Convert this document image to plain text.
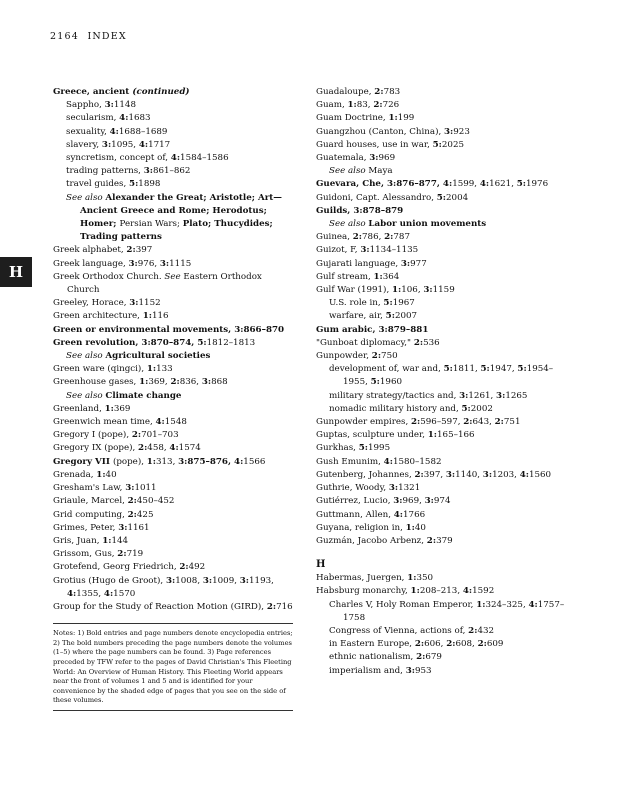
2164 INDEX
H
Greece, ancient (continued)
Sappho, 3:1148
secularism, 4:1683
sexuality, 4:1688–1689
slavery, 3:1095, 4:1717
syncretism, concept of, 4:1584–1586
trading patterns, 3:861–862
travel guides, 5:1898
See also Alexander the Great; Aristotle; Art—Ancient Greece and Rome; Herodotus; Homer; Persian Wars; Plato; Thucydides; Trading patterns
Greek alphabet, 2:397
Greek language, 3:976, 3:1115
Greek Orthodox Church. See Eastern Orthodox Church
Greeley, Horace, 3:1152
Green architecture, 1:116
Green or environmental movements, 3:866–870
Green revolution, 3:870–874, 5:1812–1813
See also Agricultural societies
Green ware (qingci), 1:133
Greenhouse gases, 1:369, 2:836, 3:868
See also Climate change
Greenland, 1:369
Greenwich mean time, 4:1548
Gregory I (pope), 2:701–703
Gregory IX (pope), 2:458, 4:1574
Gregory VII (pope), 1:313, 3:875–876, 4:1566
Grenada, 1:40
Gresham's Law, 3:1011
Griaule, Marcel, 2:450–452
Grid computing, 2:425
Grimes, Peter, 3:1161
Gris, Juan, 1:144
Grissom, Gus, 2:719
Grotefend, Georg Friedrich, 2:492
Grotius (Hugo de Groot), 3:1008, 3:1009, 3:1193, 4:1355, 4:1570
Group for the Study of Reaction Motion (GIRD), 2:716
Notes: 1) Bold entries and page numbers denote encyclopedia entries; 2) The bold numbers preceding the page numbers denote the volumes (1–5) where the page numbers can be found. 3) Page references preceded by TFW refer to the pages of David Christian's This Fleeting World: An Overview of Human History. This Fleeting World appears near the front of volumes 1 and 5 and is identified for your convenience by the shaded edge of pages that you see on the side of these volumes.
Guadaloupe, 2:783
Guam, 1:83, 2:726
Guam Doctrine, 1:199
Guangzhou (Canton, China), 3:923
Guard houses, use in war, 5:2025
Guatemala, 3:969
See also Maya
Guevara, Che, 3:876–877, 4:1599, 4:1621, 5:1976
Guidoni, Capt. Alessandro, 5:2004
Guilds, 3:878–879
See also Labor union movements
Guinea, 2:786, 2:787
Guizot, F, 3:1134–1135
Gujarati language, 3:977
Gulf stream, 1:364
Gulf War (1991), 1:106, 3:1159
U.S. role in, 5:1967
warfare, air, 5:2007
Gum arabic, 3:879–881
"Gunboat diplomacy," 2:536
Gunpowder, 2:750
development of, war and, 5:1811, 5:1947, 5:1954–1955, 5:1960
military strategy/tactics and, 3:1261, 3:1265
nomadic military history and, 5:2002
Gunpowder empires, 2:596–597, 2:643, 2:751
Guptas, sculpture under, 1:165–166
Gurkhas, 5:1995
Gush Emunim, 4:1580–1582
Gutenberg, Johannes, 2:397, 3:1140, 3:1203, 4:1560
Guthrie, Woody, 3:1321
Gutiérrez, Lucio, 3:969, 3:974
Guttmann, Allen, 4:1766
Guyana, religion in, 1:40
Guzmán, Jacobo Arbenz, 2:379
H
Habermas, Juergen, 1:350
Habsburg monarchy, 1:208–213, 4:1592
Charles V, Holy Roman Emperor, 1:324–325, 4:1757–1758
Congress of Vienna, actions of, 2:432
in Eastern Europe, 2:606, 2:608, 2:609
ethnic nationalism, 2:679
imperialism and, 3:953
